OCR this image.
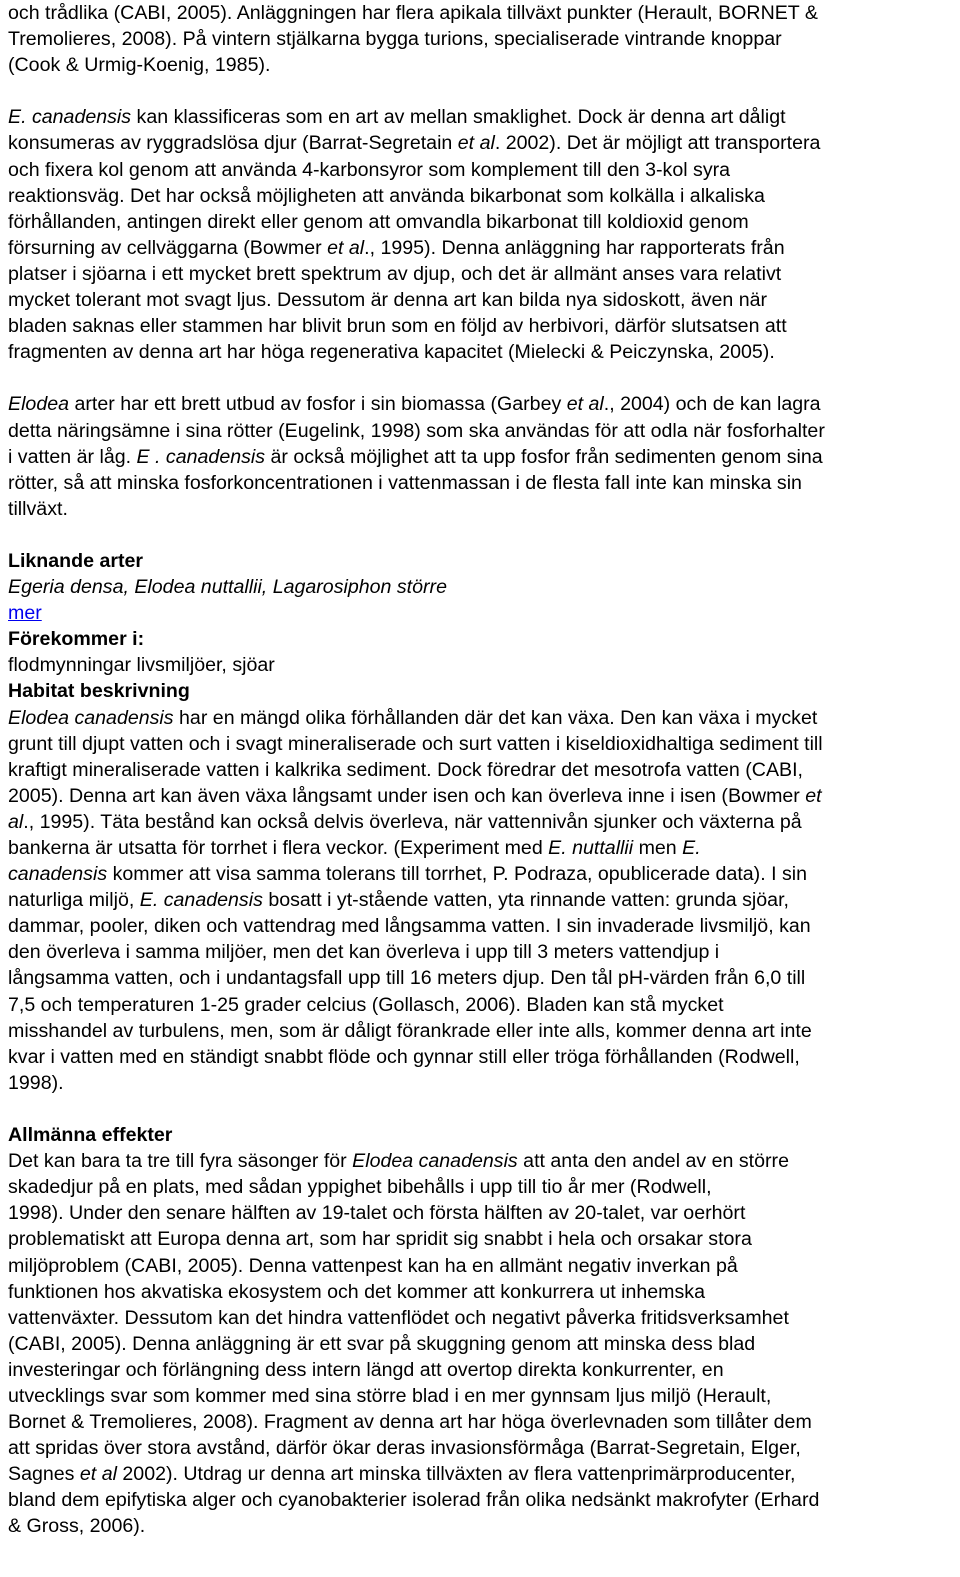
och trådlika (CABI, 2005). Anläggningen har flera apikala tillväxt punkter (Herault, BORNET &
Tremolieres, 2008). På vintern stjälkarna bygga turions, specialiserade vintrande knoppar
(Cook & Urmig-Koenig, 1985).
E. canadensis kan klassificeras som en art av mellan smaklighet. Dock är denna art dåligt
konsumeras av ryggradslösa djur (Barrat-Segretain et al. 2002). Det är möjligt att transportera
och fixera kol genom att använda 4-karbonsyror som komplement till den 3-kol syra
reaktionsväg. Det har också möjligheten att använda bikarbonat som kolkälla i alkaliska
förhållanden, antingen direkt eller genom att omvandla bikarbonat till koldioxid genom
försurning av cellväggarna (Bowmer et al., 1995). Denna anläggning har rapporterats från
platser i sjöarna i ett mycket brett spektrum av djup, och det är allmänt anses vara relativt
mycket tolerant mot svagt ljus. Dessutom är denna art kan bilda nya sidoskott, även när
bladen saknas eller stammen har blivit brun som en följd av herbivori, därför slutsatsen att
fragmenten av denna art har höga regenerativa kapacitet (Mielecki & Peiczynska, 2005).
Elodea arter har ett brett utbud av fosfor i sin biomassa (Garbey et al., 2004) och de kan lagra
detta näringsämne i sina rötter (Eugelink, 1998) som ska användas för att odla när fosforhalter
i vatten är låg. E . canadensis är också möjlighet att ta upp fosfor från sedimenten genom sina
rötter, så att minska fosforkoncentrationen i vattenmassan i de flesta fall inte kan minska sin
tillväxt.
Liknande arter
Egeria densa, Elodea nuttallii, Lagarosiphon större
mer
Förekommer i:
flodmynningar livsmiljöer, sjöar
Habitat beskrivning
Elodea canadensis har en mängd olika förhållanden där det kan växa. Den kan växa i mycket
grunt till djupt vatten och i svagt mineraliserade och surt vatten i kiseldioxidhaltiga sediment till
kraftigt mineraliserade vatten i kalkrika sediment. Dock föredrar det mesotrofa vatten (CABI,
2005). Denna art kan även växa långsamt under isen och kan överleva inne i isen (Bowmer et
al., 1995). Täta bestånd kan också delvis överleva, när vattennivån sjunker och växterna på
bankerna är utsatta för torrhet i flera veckor. (Experiment med E. nuttallii men E.
canadensis kommer att visa samma tolerans till torrhet, P. Podraza, opublicerade data). I sin
naturliga miljö, E. canadensis bosatt i yt-stående vatten, yta rinnande vatten: grunda sjöar,
dammar, pooler, diken och vattendrag med långsamma vatten. I sin invaderade livsmiljö, kan
den överleva i samma miljöer, men det kan överleva i upp till 3 meters vattendjup i
långsamma vatten, och i undantagsfall upp till 16 meters djup. Den tål pH-värden från 6,0 till
7,5 och temperaturen 1-25 grader celcius (Gollasch, 2006). Bladen kan stå mycket
misshandel av turbulens, men, som är dåligt förankrade eller inte alls, kommer denna art inte
kvar i vatten med en ständigt snabbt flöde och gynnar still eller tröga förhållanden (Rodwell,
1998).
Allmänna effekter
Det kan bara ta tre till fyra säsonger för Elodea canadensis att anta den andel av en större
skadedjur på en plats, med sådan yppighet bibehålls i upp till tio år mer (Rodwell,
1998). Under den senare hälften av 19-talet och första hälften av 20-talet, var oerhört
problematiskt att Europa denna art, som har spridit sig snabbt i hela och orsakar stora
miljöproblem (CABI, 2005). Denna vattenpest kan ha en allmänt negativ inverkan på
funktionen hos akvatiska ekosystem och det kommer att konkurrera ut inhemska
vattenväxter. Dessutom kan det hindra vattenflödet och negativt påverka fritidsverksamhet
(CABI, 2005). Denna anläggning är ett svar på skuggning genom att minska dess blad
investeringar och förlängning dess intern längd att overtop direkta konkurrenter, en
utvecklings svar som kommer med sina större blad i en mer gynnsam ljus miljö (Herault,
Bornet & Tremolieres, 2008). Fragment av denna art har höga överlevnaden som tillåter dem
att spridas över stora avstånd, därför ökar deras invasionsförmåga (Barrat-Segretain, Elger,
Sagnes et al 2002). Utdrag ur denna art minska tillväxten av flera vattenprimärproducenter,
bland dem epifytiska alger och cyanobakterier isolerad från olika nedsänkt makrofyter (Erhard
& Gross, 2006).
